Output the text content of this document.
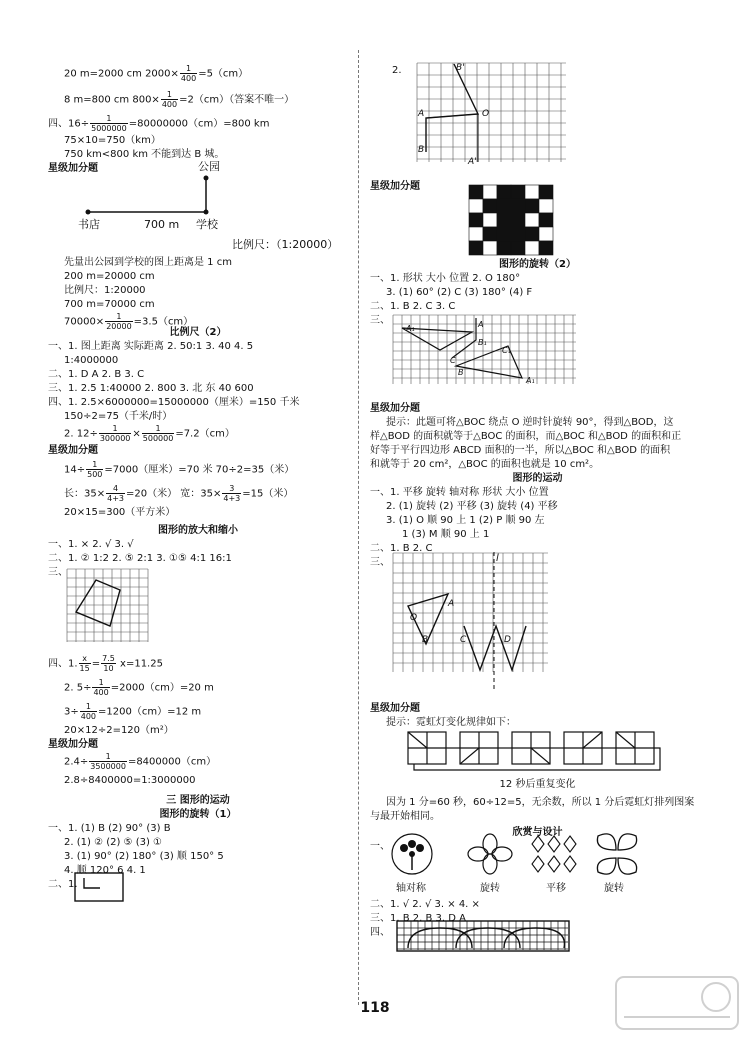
20 m=2000 cm $2000\times \frac{1}{400} =5(cm)$
8 m=800 cm $800\times \frac{1}{400} =2(cm)$（答案不唯一）
四、$16\div \frac{1}{5000000} =80000000(cm)=800$ km
75×10=750（km）
750 km<800 km 不能到达 B 城。
星级加分题	公园
书店	700 m 学校
比例尺：（1:20000）
先量出公园到学校的图上距离是 1 cm
200 m=20000 cm
比例尺：1:20000
700 m=70000 cm
$70000\times \frac{1}{20000} =3.5(cm)$
比例尺（2）
一、1. 图上距离 实际距离 2. 50:1 3. 40 4. 5
1:4000000
二、1. D A 2. B 3. C
三、1. 2.5 1:40000 2. 800 3. 北 东 40 600
四、1. 2.5×6000000=15000000（厘米）=150 千米
150÷2=75（千米/时）
2. $12\div \frac{1}{300000} \times \frac{1}{500000} =7.2(cm)$
星级加分题
$14\div \frac{1}{500} =7000$（厘米）=70 米 70÷2=35（米）
长：$35\times \frac{4}{4+3} =20$（米） 宽：$35\times \frac{3}{4+3} =15$（米）
20×15=300（平方米）
图形的放大和缩小
一、1. × 2. √ 3. √
二、1. ② 1:2 2. ⑤ 2:1 3. ①⑤ 4:1 16:1
三、
四、1. $\frac{x}{15} = \frac{7.5}{10} x=11.25$
2. $5\div \frac{1}{400} =2000(cm)=20$ m
$3\div \frac{1}{400} =1200(cm)=12$ m
20×12÷2=120（m²）
星级加分题
$2.4\div \frac{1}{3500000} =8400000(cm)$
2.8÷8400000=1:3000000
三 图形的运动
图形的旋转（1）
一、1. (1) B (2) 90° (3) B
2. (1) ② (2) ⑤ (3) ①
3. (1) 90° (2) 180° (3) 顺 150° 5
4. 顺 120° 6 4. 1
二、1.
2.	B'
A	O
B
A'
星级加分题
图形的旋转（2）
一、1. 形状 大小 位置 2. O 180°
3. (1) 60° (2) C (3) 180° (4) F
二、1. B 2. C 3. C
三、
A₁	A
B₁
C
C₁
B
A₁
星级加分题
提示：此题可将△BOC 绕点 O 逆时针旋转 90°，得到△BOD，这
样△BOD 的面积就等于△BOC 的面积，而△BOC 和△BOD 的面积和正
好等于平行四边形 ABCD 面积的一半，所以△BOC 和△BOD 的面积
和就等于 20 cm²，△BOC 的面积也就是 10 cm²。
图形的运动
一、1. 平移 旋转 轴对称 形状 大小 位置
2. (1) 旋转 (2) 平移 (3) 旋转 (4) 平移
3. (1) O 顺 90 上 1 (2) P 顺 90 左
1 (3) M 顺 90 上 1
二、1. B 2. C
三、	l
A
O
B	C	D
星级加分题
提示：霓虹灯变化规律如下：
12 秒后重复变化
因为 1 分=60 秒，60÷12=5，无余数，所以 1 分后霓虹灯排列图案
与最开始相同。
欣赏与设计
一、
轴对称	旋转	平移	旋转
二、1. √ 2. √ 3. × 4. ×
三、1. B 2. B 3. D A
四、
118
